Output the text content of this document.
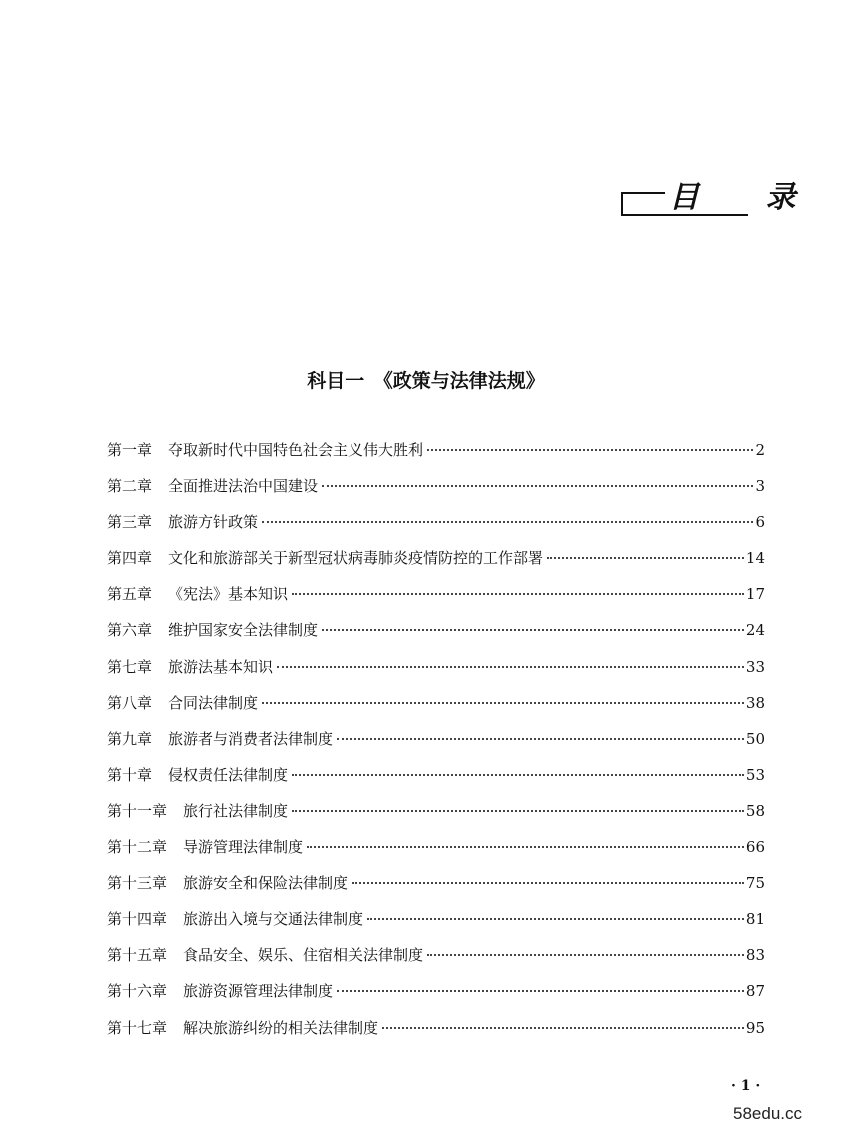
目 录
科目一　《政策与法律法规》
第一章	夺取新时代中国特色社会主义伟大胜利	2
第二章	全面推进法治中国建设	3
第三章	旅游方针政策	6
第四章	文化和旅游部关于新型冠状病毒肺炎疫情防控的工作部署	14
第五章	《宪法》基本知识	17
第六章	维护国家安全法律制度	24
第七章	旅游法基本知识	33
第八章	合同法律制度	38
第九章	旅游者与消费者法律制度	50
第十章	侵权责任法律制度	53
第十一章	旅行社法律制度	58
第十二章	导游管理法律制度	66
第十三章	旅游安全和保险法律制度	75
第十四章	旅游出入境与交通法律制度	81
第十五章	食品安全、娱乐、住宿相关法律制度	83
第十六章	旅游资源管理法律制度	87
第十七章	解决旅游纠纷的相关法律制度	95
· 1 ·
58edu.cc
